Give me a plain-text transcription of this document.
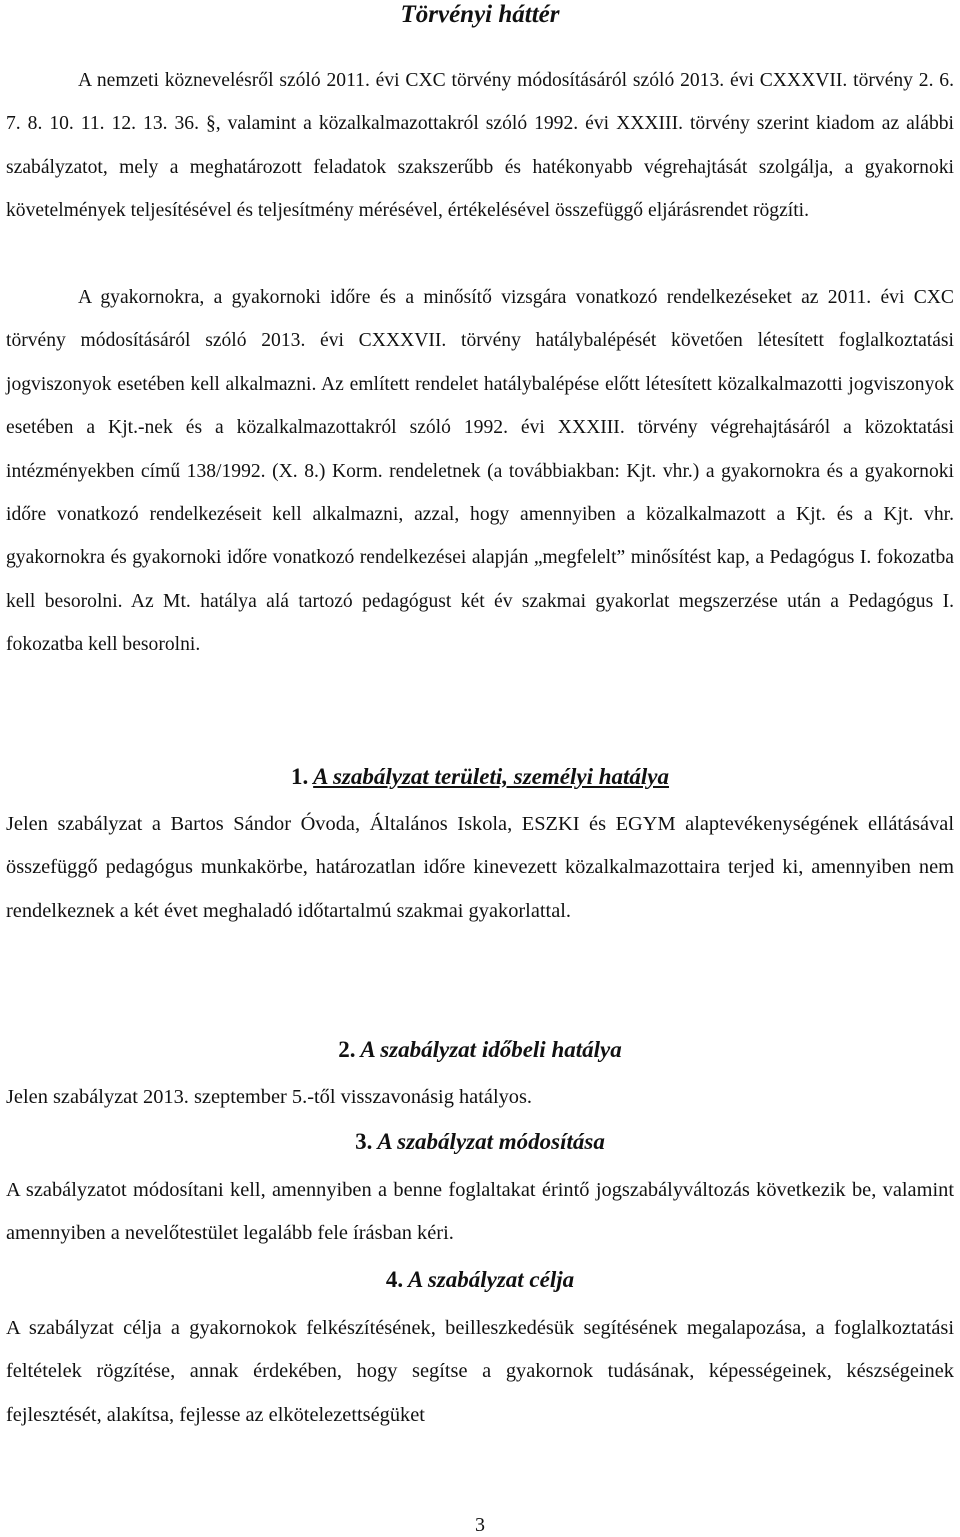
Törvényi háttér

A nemzeti köznevelésről szóló 2011. évi CXC törvény módosításáról szóló 2013. évi CXXXVII. törvény 2. 6. 7. 8. 10. 11. 12. 13. 36. §, valamint a közalkalmazottakról szóló 1992. évi XXXIII. törvény szerint kiadom az alábbi szabályzatot, mely a meghatározott feladatok szakszerűbb és hatékonyabb végrehajtását szolgálja, a gyakornoki követelmények teljesítésével és teljesítmény mérésével, értékelésével összefüggő eljárásrendet rögzíti.

A gyakornokra, a gyakornoki időre és a minősítő vizsgára vonatkozó rendelkezéseket az 2011. évi CXC törvény módosításáról szóló 2013. évi CXXXVII. törvény hatálybalépését követően létesített foglalkoztatási jogviszonyok esetében kell alkalmazni. Az említett rendelet hatálybalépése előtt létesített közalkalmazotti jogviszonyok esetében a Kjt.-nek és a közalkalmazottakról szóló 1992. évi XXXIII. törvény végrehajtásáról a közoktatási intézményekben című 138/1992. (X. 8.) Korm. rendeletnek (a továbbiakban: Kjt. vhr.) a gyakornokra és a gyakornoki időre vonatkozó rendelkezéseit kell alkalmazni, azzal, hogy amennyiben a közalkalmazott a Kjt. és a Kjt. vhr. gyakornokra és gyakornoki időre vonatkozó rendelkezései alapján „megfelelt” minősítést kap, a Pedagógus I. fokozatba kell besorolni. Az Mt. hatálya alá tartozó pedagógust két év szakmai gyakorlat megszerzése után a Pedagógus I. fokozatba kell besorolni.

1. A szabályzat területi, személyi hatálya

Jelen szabályzat a Bartos Sándor Óvoda, Általános Iskola, ESZKI és EGYM alaptevékenységének ellátásával összefüggő pedagógus munkakörbe, határozatlan időre kinevezett közalkalmazottaira terjed ki, amennyiben nem rendelkeznek a két évet meghaladó időtartalmú szakmai gyakorlattal.

2. A szabályzat időbeli hatálya

Jelen szabályzat 2013. szeptember 5.-től visszavonásig hatályos.

3. A szabályzat módosítása

A szabályzatot módosítani kell, amennyiben a benne foglaltakat érintő jogszabályváltozás következik be, valamint amennyiben a nevelőtestület legalább fele írásban kéri.

4. A szabályzat célja

A szabályzat célja a gyakornokok felkészítésének, beilleszkedésük segítésének megalapozása, a foglalkoztatási feltételek rögzítése, annak érdekében, hogy segítse a gyakornok tudásának, képességeinek, készségeinek fejlesztését, alakítsa, fejlesse az elkötelezettségüket

3
